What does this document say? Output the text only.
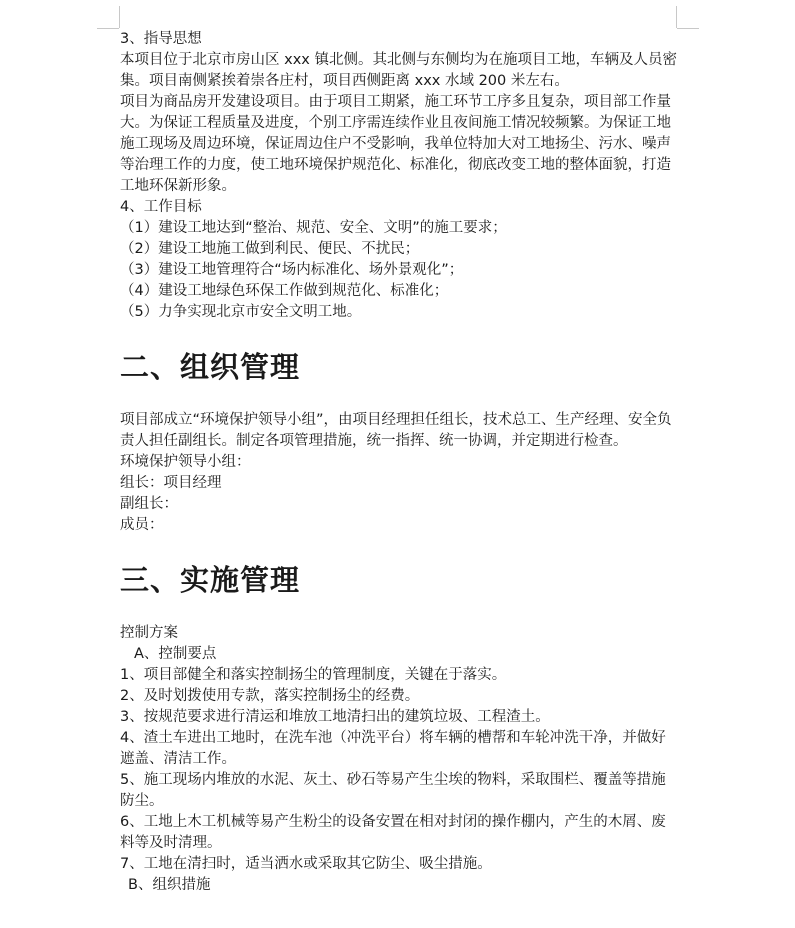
3、指导思想

本项目位于北京市房山区 xxx 镇北侧。其北侧与东侧均为在施项目工地，车辆及人员密集。项目南侧紧挨着崇各庄村，项目西侧距离 xxx 水域 200 米左右。

项目为商品房开发建设项目。由于项目工期紧，施工环节工序多且复杂，项目部工作量大。为保证工程质量及进度，个别工序需连续作业且夜间施工情况较频繁。为保证工地施工现场及周边环境，保证周边住户不受影响，我单位特加大对工地扬尘、污水、噪声等治理工作的力度，使工地环境保护规范化、标准化，彻底改变工地的整体面貌，打造工地环保新形象。

4、工作目标

（1）建设工地达到“整治、规范、安全、文明”的施工要求；

（2）建设工地施工做到利民、便民、不扰民；

（3）建设工地管理符合“场内标准化、场外景观化”；

（4）建设工地绿色环保工作做到规范化、标准化；

（5）力争实现北京市安全文明工地。

二、组织管理

项目部成立“环境保护领导小组”，由项目经理担任组长，技术总工、生产经理、安全负责人担任副组长。制定各项管理措施，统一指挥、统一协调，并定期进行检查。

环境保护领导小组：

组长：项目经理

副组长：

成员：

三、实施管理

控制方案

A、控制要点

1、项目部健全和落实控制扬尘的管理制度，关键在于落实。

2、及时划拨使用专款，落实控制扬尘的经费。

3、按规范要求进行清运和堆放工地清扫出的建筑垃圾、工程渣土。

4、渣土车进出工地时，在洗车池（冲洗平台）将车辆的槽帮和车轮冲洗干净，并做好遮盖、清洁工作。

5、施工现场内堆放的水泥、灰土、砂石等易产生尘埃的物料，采取围栏、覆盖等措施防尘。

6、工地上木工机械等易产生粉尘的设备安置在相对封闭的操作棚内，产生的木屑、废料等及时清理。

7、工地在清扫时，适当洒水或采取其它防尘、吸尘措施。

B、组织措施
